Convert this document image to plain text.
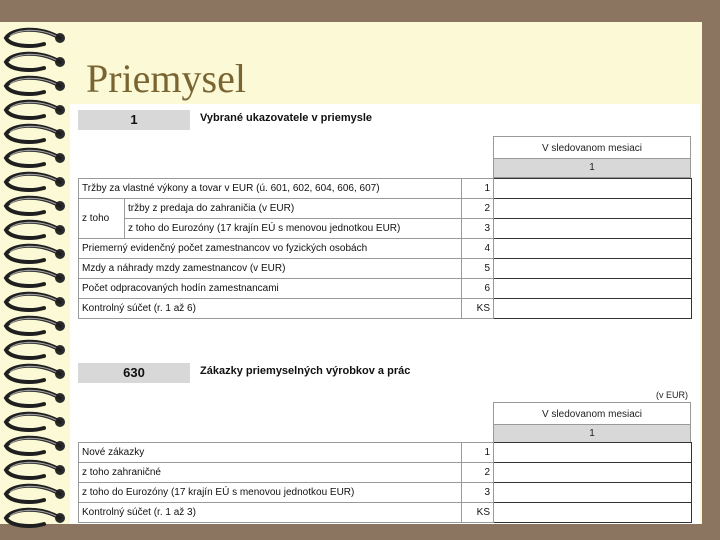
Priemysel
1	Vybrané ukazovatele v priemysle
V sledovanom mesiaci
1
Tržby za vlastné výkony a tovar v EUR (ú. 601, 602, 604, 606, 607)		1	
z toho	tržby z predaja do zahraničia (v EUR)	2	
	z toho do Eurozóny (17 krajín EÚ s menovou jednotkou EUR)	3	
Priemerný evidenčný počet zamestnancov vo fyzických osobách		4	
Mzdy a náhrady mzdy zamestnancov (v EUR)		5	
Počet odpracovaných hodín zamestnancami		6	
Kontrolný súčet (r. 1 až 6)		KS	
630	Zákazky priemyselných výrobkov a prác
(v EUR)
V sledovanom mesiaci
1
Nové zákazky	1	
z toho zahraničné	2	
z toho do Eurozóny (17 krajín EÚ s menovou jednotkou EUR)	3	
Kontrolný súčet (r. 1 až 3)	KS	
